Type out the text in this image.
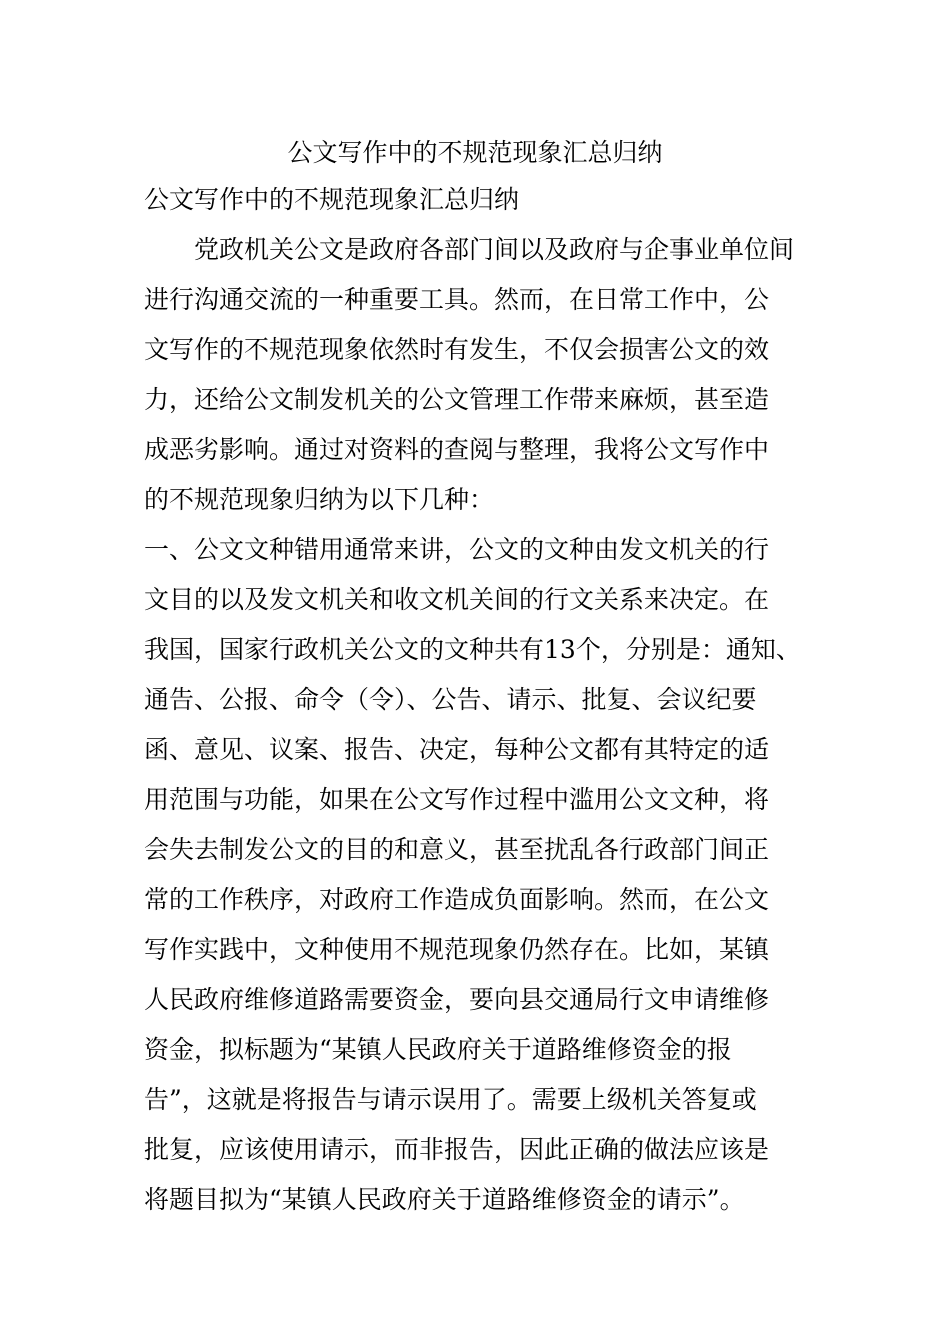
公文写作中的不规范现象汇总归纳
公文写作中的不规范现象汇总归纳
　　党政机关公文是政府各部门间以及政府与企事业单位间
进行沟通交流的一种重要工具。然而，在日常工作中，公
文写作的不规范现象依然时有发生，不仅会损害公文的效
力，还给公文制发机关的公文管理工作带来麻烦，甚至造
成恶劣影响。通过对资料的查阅与整理，我将公文写作中
的不规范现象归纳为以下几种：
一、公文文种错用通常来讲，公文的文种由发文机关的行
文目的以及发文机关和收文机关间的行文关系来决定。在
我国，国家行政机关公文的文种共有13个，分别是：通知、
通告、公报、命令（令）、公告、请示、批复、会议纪要
函、意见、议案、报告、决定，每种公文都有其特定的适
用范围与功能，如果在公文写作过程中滥用公文文种，将
会失去制发公文的目的和意义，甚至扰乱各行政部门间正
常的工作秩序，对政府工作造成负面影响。然而，在公文
写作实践中，文种使用不规范现象仍然存在。比如，某镇
人民政府维修道路需要资金，要向县交通局行文申请维修
资金，拟标题为“某镇人民政府关于道路维修资金的报
告”，这就是将报告与请示误用了。需要上级机关答复或
批复，应该使用请示，而非报告，因此正确的做法应该是
将题目拟为“某镇人民政府关于道路维修资金的请示”。
